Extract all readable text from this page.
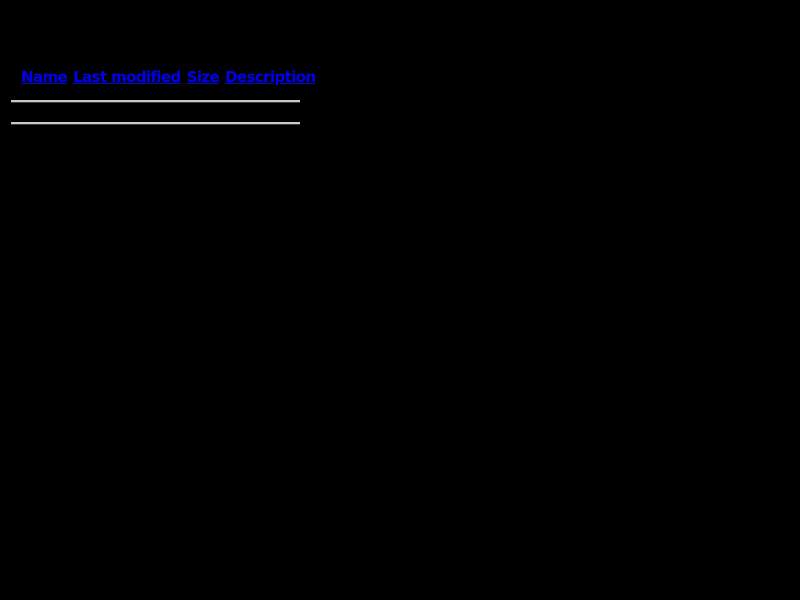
Name Last modified Size Description
